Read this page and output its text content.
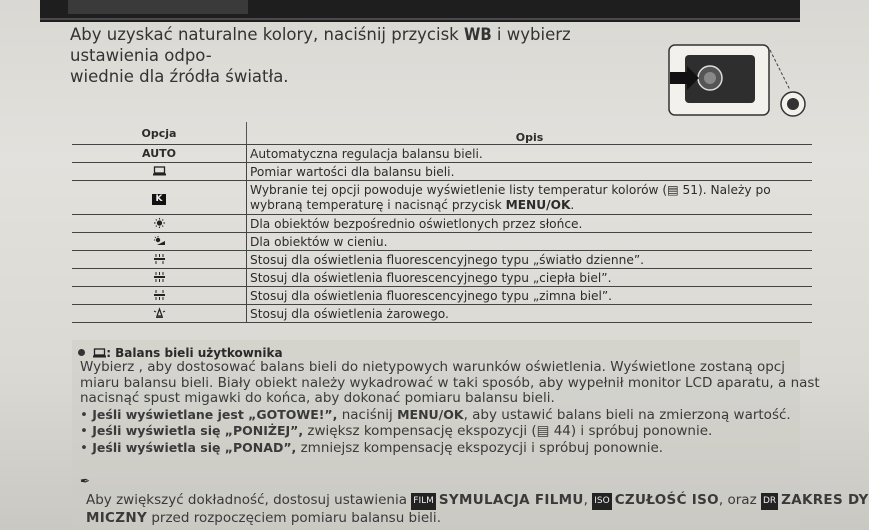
Aby uzyskać naturalne kolory, naciśnij przycisk WB i wybierz ustawienia odpo-
wiednie dla źródła światła.
Opcja	Opis
AUTO	Automatyczna regulacja balansu bieli.
	Pomiar wartości dla balansu bieli.
K	Wybranie tej opcji powoduje wyświetlenie listy temperatur kolorów (▤ 51). Należy po
wybraną temperaturę i nacisnąć przycisk MENU/OK.
	Dla obiektów bezpośrednio oświetlonych przez słońce.
	Dla obiektów w cieniu.
	Stosuj dla oświetlenia fluorescencyjnego typu „światło dzienne”.
	Stosuj dla oświetlenia fluorescencyjnego typu „ciepła biel”.
	Stosuj dla oświetlenia fluorescencyjnego typu „zimna biel”.
	Stosuj dla oświetlenia żarowego.
: Balans bieli użytkownika

Wybierz , aby dostosować balans bieli do nietypowych warunków oświetlenia. Wyświetlone zostaną opcj

miaru balansu bieli. Biały obiekt należy wykadrować w taki sposób, aby wypełnił monitor LCD aparatu, a nast

nacisnąć spust migawki do końca, aby dokonać pomiaru balansu bieli.

• Jeśli wyświetlane jest „GOTOWE!”, naciśnij MENU/OK, aby ustawić balans bieli na zmierzoną wartość.

• Jeśli wyświetla się „PONIŻEJ”, zwiększ kompensację ekspozycji (▤ 44) i spróbuj ponownie.

• Jeśli wyświetla się „PONAD”, zmniejsz kompensację ekspozycji i spróbuj ponownie.

✒

Aby zwiększyć dokładność, dostosuj ustawienia FILM SYMULACJA FILMU, ISO CZUŁOŚĆ ISO, oraz DR ZAKRES DY

MICZNY przed rozpoczęciem pomiaru balansu bieli.
